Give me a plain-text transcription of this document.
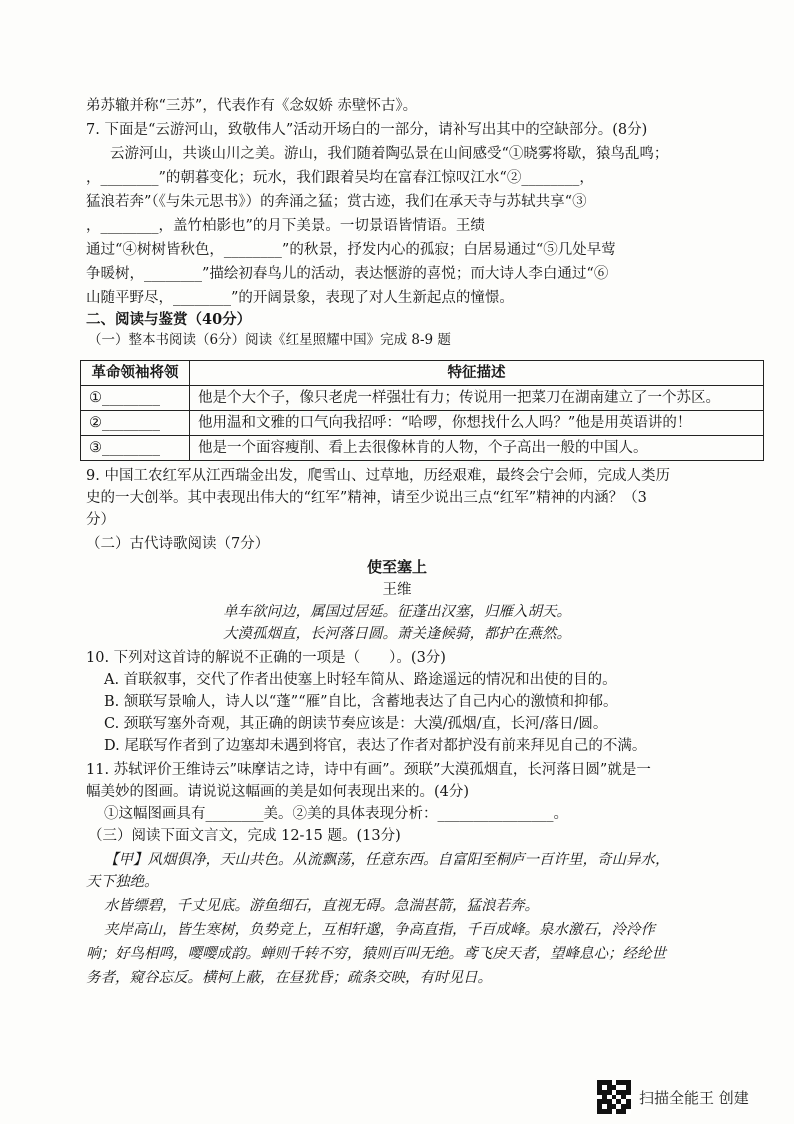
弟苏辙并称“三苏”，代表作有《念奴娇 赤壁怀古》。
7. 下面是“云游河山，致敬伟人”活动开场白的一部分，请补写出其中的空缺部分。(8分)
云游河山，共谈山川之美。游山，我们随着陶弘景在山间感受“①晓雾将歇，猿鸟乱鸣；
，________”的朝暮变化；玩水，我们跟着吴均在富春江惊叹江水“②________，
猛浪若奔”（《与朱元思书》）的奔涌之猛；赏古迹，我们在承天寺与苏轼共享“③
，________，盖竹柏影也”的月下美景。一切景语皆情语。王绩
通过“④树树皆秋色，________”的秋景，抒发内心的孤寂；白居易通过“⑤几处早莺
争暖树，________”描绘初春鸟儿的活动，表达惬游的喜悦；而大诗人李白通过“⑥
山随平野尽，________”的开阔景象，表现了对人生新起点的憧憬。
二、阅读与鉴赏（40分）
（一）整本书阅读（6分）阅读《红星照耀中国》完成 8-9 题
革命领袖将领	特征描述
①________	他是个大个子，像只老虎一样强壮有力；传说用一把菜刀在湖南建立了一个苏区。
②________	他用温和文雅的口气向我招呼：“哈啰，你想找什么人吗？”他是用英语讲的！
③________	他是一个面容瘦削、看上去很像林肯的人物，个子高出一般的中国人。
9. 中国工农红军从江西瑞金出发，爬雪山、过草地，历经艰难，最终会宁会师，完成人类历
史的一大创举。其中表现出伟大的“红军”精神，请至少说出三点“红军”精神的内涵？（3
分）
（二）古代诗歌阅读（7分）
使至塞上
王维
单车欲问边，属国过居延。征蓬出汉塞，归雁入胡天。
大漠孤烟直，长河落日圆。萧关逢候骑，都护在燕然。
10. 下列对这首诗的解说不正确的一项是（　　）。(3分)
A. 首联叙事，交代了作者出使塞上时轻车简从、路途遥远的情况和出使的目的。
B. 颔联写景喻人，诗人以“蓬”“雁”自比，含蓄地表达了自己内心的激愤和抑郁。
C. 颈联写塞外奇观，其正确的朗读节奏应该是：大漠/孤烟/直，长河/落日/圆。
D. 尾联写作者到了边塞却未遇到将官，表达了作者对都护没有前来拜见自己的不满。
11. 苏轼评价王维诗云”味摩诘之诗，诗中有画”。颈联”大漠孤烟直，长河落日圆”就是一
幅美妙的图画。请说说这幅画的美是如何表现出来的。(4分)
①这幅图画具有________美。②美的具体表现分析：________________。
（三）阅读下面文言文，完成 12-15 题。(13分)
【甲】风烟俱净，天山共色。从流飘荡，任意东西。自富阳至桐庐一百许里，奇山异水，
天下独绝。
水皆缥碧，千丈见底。游鱼细石，直视无碍。急湍甚箭，猛浪若奔。
夹岸高山，皆生寒树，负势竞上，互相轩邈，争高直指，千百成峰。泉水激石，泠泠作
响；好鸟相鸣，嘤嘤成韵。蝉则千转不穷，猿则百叫无绝。鸢飞戾天者，望峰息心；经纶世
务者，窥谷忘反。横柯上蔽，在昼犹昏；疏条交映，有时见日。
扫描全能王 创建
